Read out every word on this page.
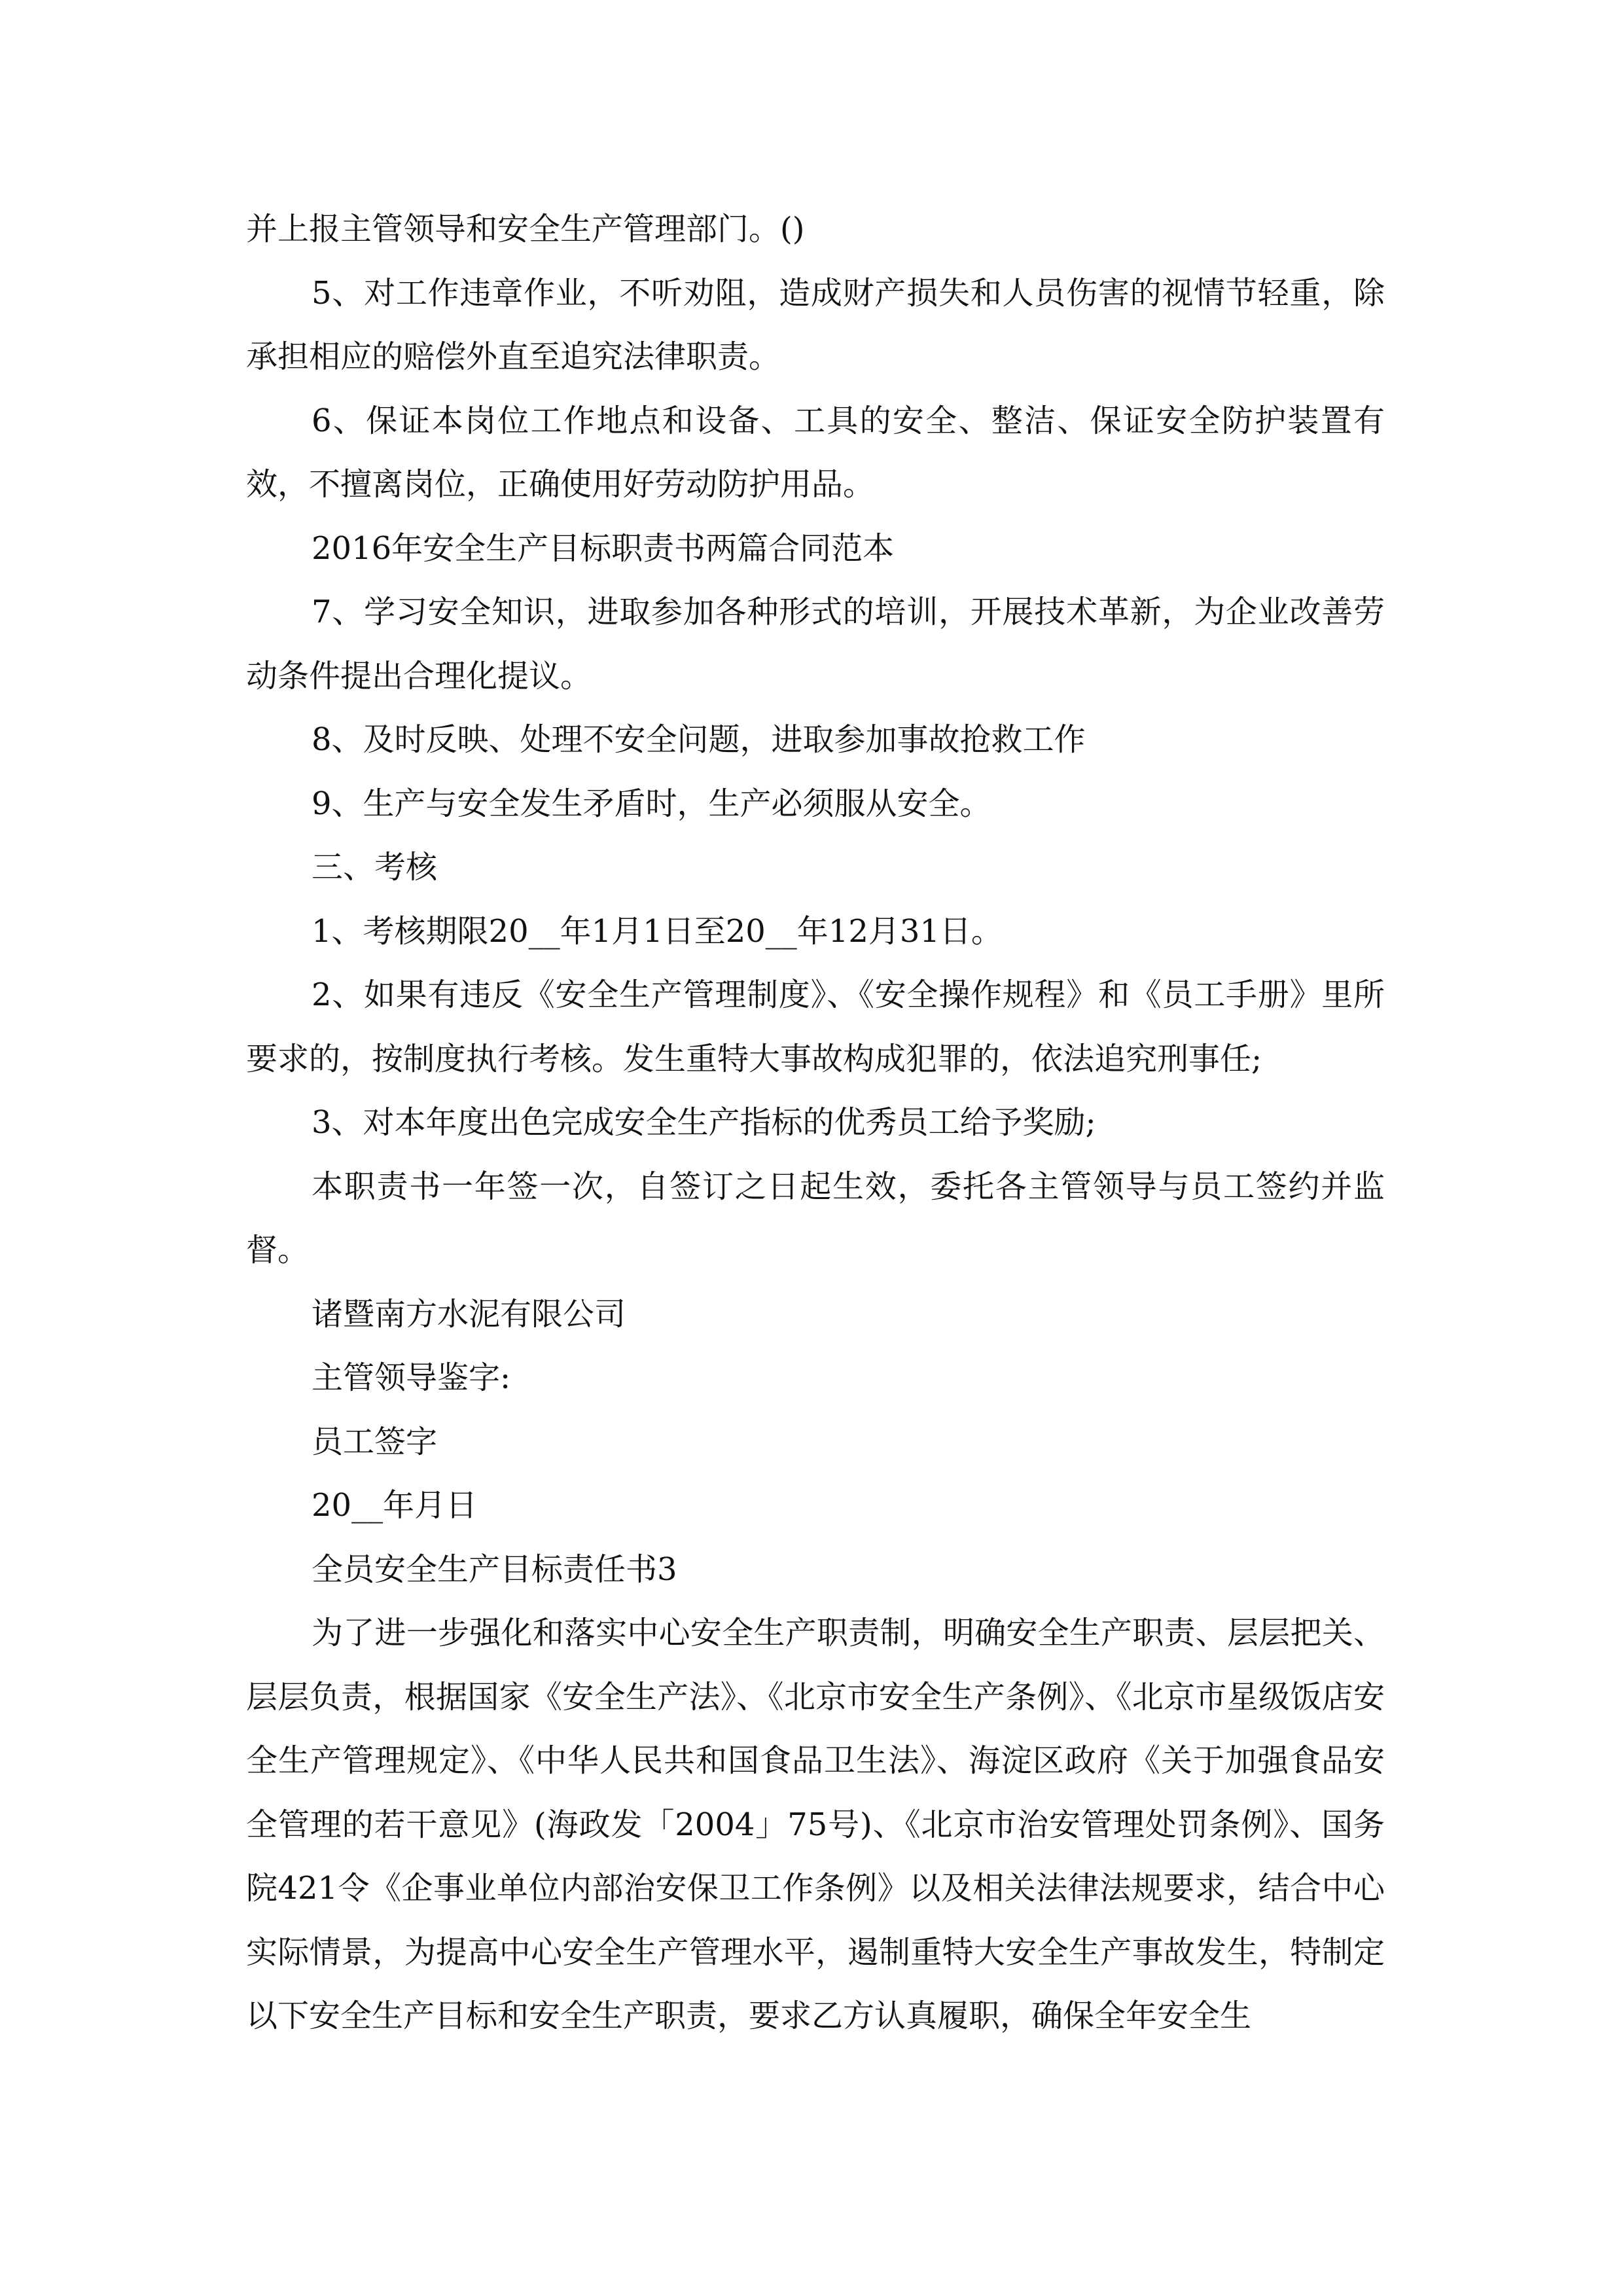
并上报主管领导和安全生产管理部门。()

5、对工作违章作业，不听劝阻，造成财产损失和人员伤害的视情节轻重，除承担相应的赔偿外直至追究法律职责。

6、保证本岗位工作地点和设备、工具的安全、整洁、保证安全防护装置有效，不擅离岗位，正确使用好劳动防护用品。

2016年安全生产目标职责书两篇合同范本

7、学习安全知识，进取参加各种形式的培训，开展技术革新，为企业改善劳动条件提出合理化提议。

8、及时反映、处理不安全问题，进取参加事故抢救工作

9、生产与安全发生矛盾时，生产必须服从安全。

三、考核

1、考核期限20__年1月1日至20__年12月31日。

2、如果有违反《安全生产管理制度》、《安全操作规程》和《员工手册》里所要求的，按制度执行考核。发生重特大事故构成犯罪的，依法追究刑事任;

3、对本年度出色完成安全生产指标的优秀员工给予奖励;

本职责书一年签一次，自签订之日起生效，委托各主管领导与员工签约并监督。

诸暨南方水泥有限公司

主管领导鉴字:

员工签字

20__年月日

全员安全生产目标责任书3

为了进一步强化和落实中心安全生产职责制，明确安全生产职责、层层把关、层层负责，根据国家《安全生产法》、《北京市安全生产条例》、《北京市星级饭店安全生产管理规定》、《中华人民共和国食品卫生法》、海淀区政府《关于加强食品安全管理的若干意见》(海政发「2004」75号)、《北京市治安管理处罚条例》、国务院421令《企事业单位内部治安保卫工作条例》以及相关法律法规要求，结合中心实际情景，为提高中心安全生产管理水平，遏制重特大安全生产事故发生，特制定以下安全生产目标和安全生产职责，要求乙方认真履职，确保全年安全生
